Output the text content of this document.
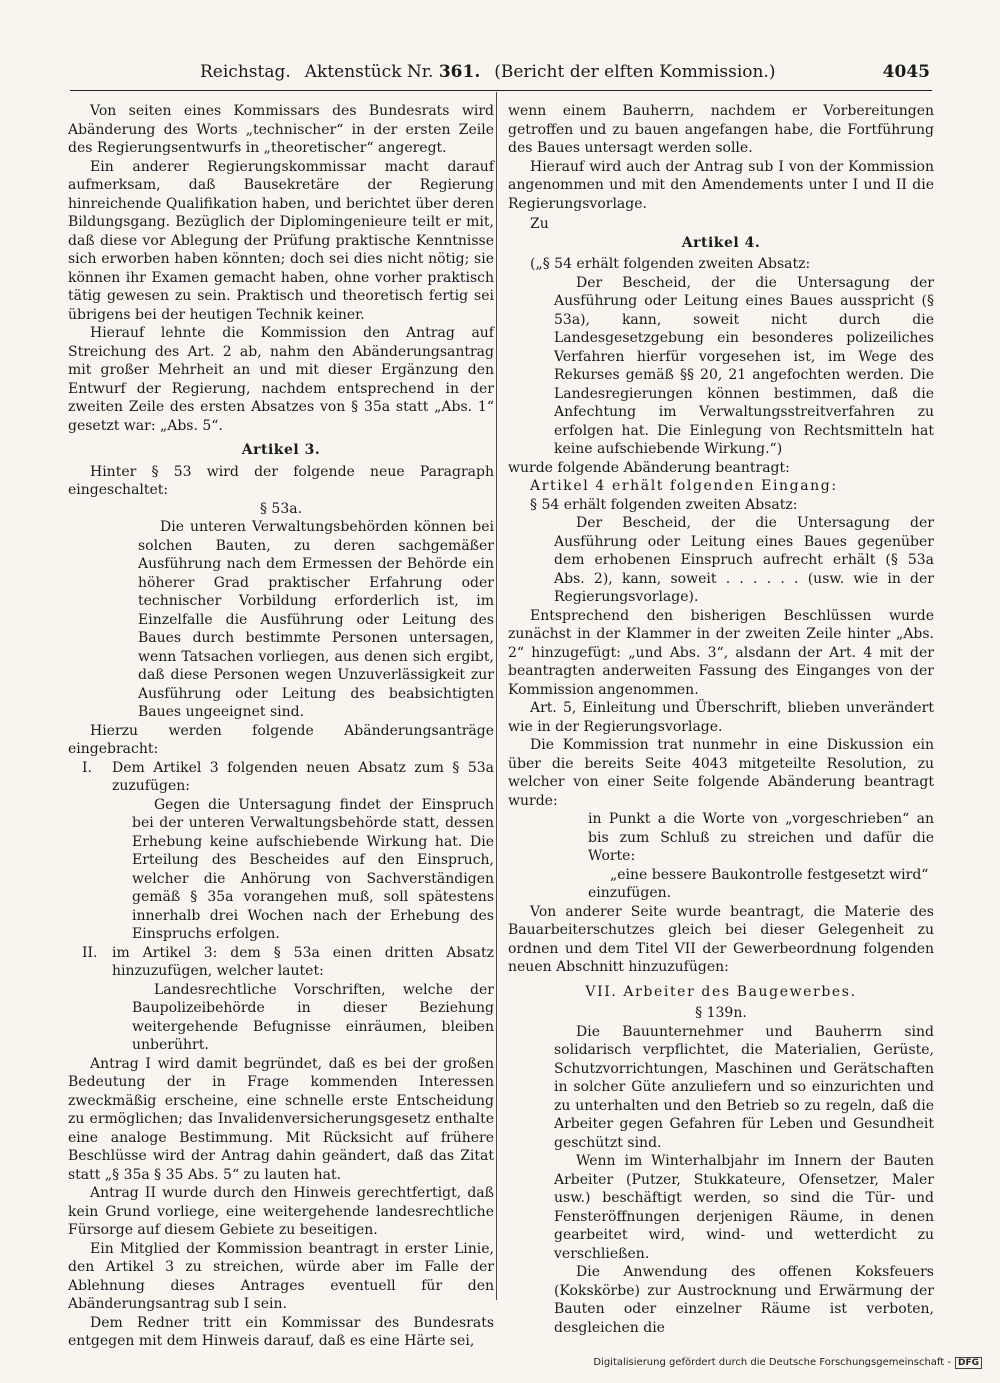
Reichstag. Aktenstück Nr. 361. (Bericht der elften Kommission.)	4045

Von seiten eines Kommissars des Bundesrats wird Abänderung des Worts „technischer“ in der ersten Zeile des Regierungsentwurfs in „theoretischer“ angeregt.

Ein anderer Regierungskommissar macht darauf aufmerksam, daß Bausekretäre der Regierung hinreichende Qualifikation haben, und berichtet über deren Bildungsgang. Bezüglich der Diplomingenieure teilt er mit, daß diese vor Ablegung der Prüfung praktische Kenntnisse sich erworben haben könnten; doch sei dies nicht nötig; sie können ihr Examen gemacht haben, ohne vorher praktisch tätig gewesen zu sein. Praktisch und theoretisch fertig sei übrigens bei der heutigen Technik keiner.

Hierauf lehnte die Kommission den Antrag auf Streichung des Art. 2 ab, nahm den Abänderungsantrag mit großer Mehrheit an und mit dieser Ergänzung den Entwurf der Regierung, nachdem entsprechend in der zweiten Zeile des ersten Absatzes von § 35a statt „Abs. 1“ gesetzt war: „Abs. 5“.

Artikel 3.

Hinter § 53 wird der folgende neue Paragraph eingeschaltet:

§ 53a.

Die unteren Verwaltungsbehörden können bei solchen Bauten, zu deren sachgemäßer Ausführung nach dem Ermessen der Behörde ein höherer Grad praktischer Erfahrung oder technischer Vorbildung erforderlich ist, im Einzelfalle die Ausführung oder Leitung des Baues durch bestimmte Personen untersagen, wenn Tatsachen vorliegen, aus denen sich ergibt, daß diese Personen wegen Unzuverlässigkeit zur Ausführung oder Leitung des beabsichtigten Baues ungeeignet sind.

Hierzu werden folgende Abänderungsanträge eingebracht:

I. Dem Artikel 3 folgenden neuen Absatz zum § 53a zuzufügen:

Gegen die Untersagung findet der Einspruch bei der unteren Verwaltungsbehörde statt, dessen Erhebung keine aufschiebende Wirkung hat. Die Erteilung des Bescheides auf den Einspruch, welcher die Anhörung von Sachverständigen gemäß § 35a vorangehen muß, soll spätestens innerhalb drei Wochen nach der Erhebung des Einspruchs erfolgen.

II. im Artikel 3: dem § 53a einen dritten Absatz hinzuzufügen, welcher lautet:

Landesrechtliche Vorschriften, welche der Baupolizeibehörde in dieser Beziehung weitergehende Befugnisse einräumen, bleiben unberührt.

Antrag I wird damit begründet, daß es bei der großen Bedeutung der in Frage kommenden Interessen zweckmäßig erscheine, eine schnelle erste Entscheidung zu ermöglichen; das Invalidenversicherungsgesetz enthalte eine analoge Bestimmung. Mit Rücksicht auf frühere Beschlüsse wird der Antrag dahin geändert, daß das Zitat statt „§ 35a § 35 Abs. 5“ zu lauten hat.

Antrag II wurde durch den Hinweis gerechtfertigt, daß kein Grund vorliege, eine weitergehende landesrechtliche Fürsorge auf diesem Gebiete zu beseitigen.

Ein Mitglied der Kommission beantragt in erster Linie, den Artikel 3 zu streichen, würde aber im Falle der Ablehnung dieses Antrages eventuell für den Abänderungsantrag sub I sein.

Dem Redner tritt ein Kommissar des Bundesrats entgegen mit dem Hinweis darauf, daß es eine Härte sei,

wenn einem Bauherrn, nachdem er Vorbereitungen getroffen und zu bauen angefangen habe, die Fortführung des Baues untersagt werden solle.

Hierauf wird auch der Antrag sub I von der Kommission angenommen und mit den Amendements unter I und II die Regierungsvorlage.

Zu

Artikel 4.

(„§ 54 erhält folgenden zweiten Absatz:

Der Bescheid, der die Untersagung der Ausführung oder Leitung eines Baues ausspricht (§ 53a), kann, soweit nicht durch die Landesgesetzgebung ein besonderes polizeiliches Verfahren hierfür vorgesehen ist, im Wege des Rekurses gemäß §§ 20, 21 angefochten werden. Die Landesregierungen können bestimmen, daß die Anfechtung im Verwaltungsstreitverfahren zu erfolgen hat. Die Einlegung von Rechtsmitteln hat keine aufschiebende Wirkung.“)

wurde folgende Abänderung beantragt:

Artikel 4 erhält folgenden Eingang:

§ 54 erhält folgenden zweiten Absatz:

Der Bescheid, der die Untersagung der Ausführung oder Leitung eines Baues gegenüber dem erhobenen Einspruch aufrecht erhält (§ 53a Abs. 2), kann, soweit . . . . . . (usw. wie in der Regierungsvorlage).

Entsprechend den bisherigen Beschlüssen wurde zunächst in der Klammer in der zweiten Zeile hinter „Abs. 2“ hinzugefügt: „und Abs. 3“, alsdann der Art. 4 mit der beantragten anderweiten Fassung des Einganges von der Kommission angenommen.

Art. 5, Einleitung und Überschrift, blieben unverändert wie in der Regierungsvorlage.

Die Kommission trat nunmehr in eine Diskussion ein über die bereits Seite 4043 mitgeteilte Resolution, zu welcher von einer Seite folgende Abänderung beantragt wurde:

in Punkt a die Worte von „vorgeschrieben“ an bis zum Schluß zu streichen und dafür die Worte:

„eine bessere Baukontrolle festgesetzt wird“

einzufügen.

Von anderer Seite wurde beantragt, die Materie des Bauarbeiterschutzes gleich bei dieser Gelegenheit zu ordnen und dem Titel VII der Gewerbeordnung folgenden neuen Abschnitt hinzuzufügen:

VII. Arbeiter des Baugewerbes.

§ 139n.

Die Bauunternehmer und Bauherrn sind solidarisch verpflichtet, die Materialien, Gerüste, Schutzvorrichtungen, Maschinen und Gerätschaften in solcher Güte anzuliefern und so einzurichten und zu unterhalten und den Betrieb so zu regeln, daß die Arbeiter gegen Gefahren für Leben und Gesundheit geschützt sind.

Wenn im Winterhalbjahr im Innern der Bauten Arbeiter (Putzer, Stukkateure, Ofensetzer, Maler usw.) beschäftigt werden, so sind die Tür- und Fensteröffnungen derjenigen Räume, in denen gearbeitet wird, wind- und wetterdicht zu verschließen.

Die Anwendung des offenen Koksfeuers (Kokskörbe) zur Austrocknung und Erwärmung der Bauten oder einzelner Räume ist verboten, desgleichen die

Digitalisierung gefördert durch die Deutsche Forschungsgemeinschaft - DFG
